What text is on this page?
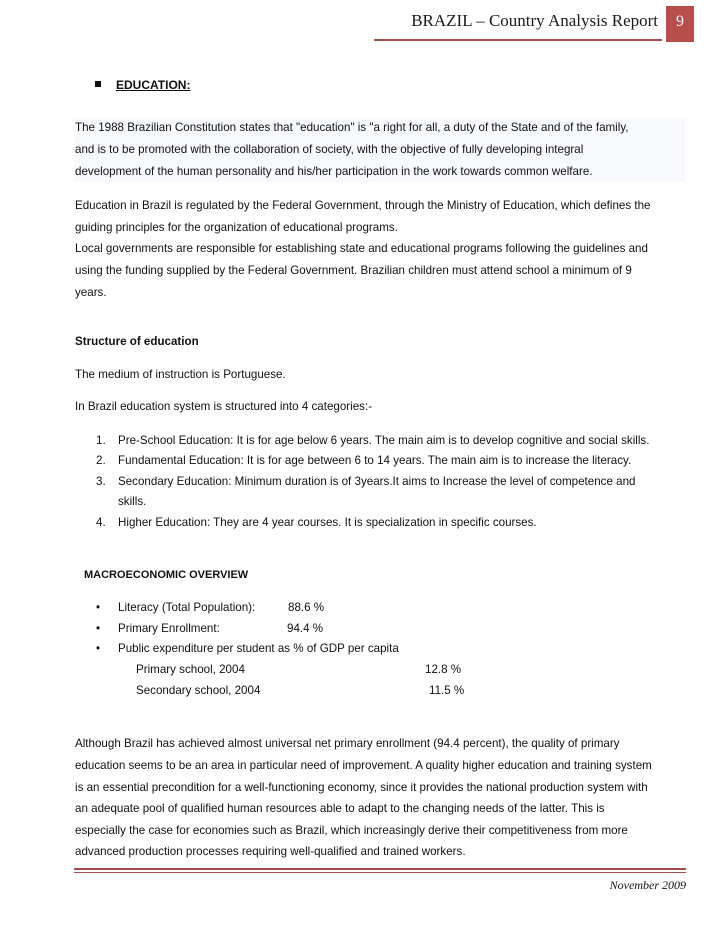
BRAZIL – Country Analysis Report	9
EDUCATION:

The 1988 Brazilian Constitution states that "education" is "a right for all, a duty of the State and of the family,

and is to be promoted with the collaboration of society, with the objective of fully developing integral

development of the human personality and his/her participation in the work towards common welfare.

Education in Brazil is regulated by the Federal Government, through the Ministry of Education, which defines the

guiding principles for the organization of educational programs.

Local governments are responsible for establishing state and educational programs following the guidelines and

using the funding supplied by the Federal Government. Brazilian children must attend school a minimum of 9

years.

Structure of education

The medium of instruction is Portuguese.

In Brazil education system is structured into 4 categories:-

1. Pre-School Education: It is for age below 6 years. The main aim is to develop cognitive and social skills.
2. Fundamental Education: It is for age between 6 to 14 years. The main aim is to increase the literacy.
3. Secondary Education: Minimum duration is of 3years.It aims to Increase the level of competence and
skills.
4. Higher Education: They are 4 year courses. It is specialization in specific courses.
MACROECONOMIC OVERVIEW
• Literacy (Total Population):	88.6 %
• Primary Enrollment:	94.4 %
• Public expenditure per student as % of GDP per capita
Primary school, 2004	12.8 %
Secondary school, 2004	11.5 %

Although Brazil has achieved almost universal net primary enrollment (94.4 percent), the quality of primary

education seems to be an area in particular need of improvement. A quality higher education and training system

is an essential precondition for a well-functioning economy, since it provides the national production system with

an adequate pool of qualified human resources able to adapt to the changing needs of the latter. This is

especially the case for economies such as Brazil, which increasingly derive their competitiveness from more

advanced production processes requiring well-qualified and trained workers.

November 2009
